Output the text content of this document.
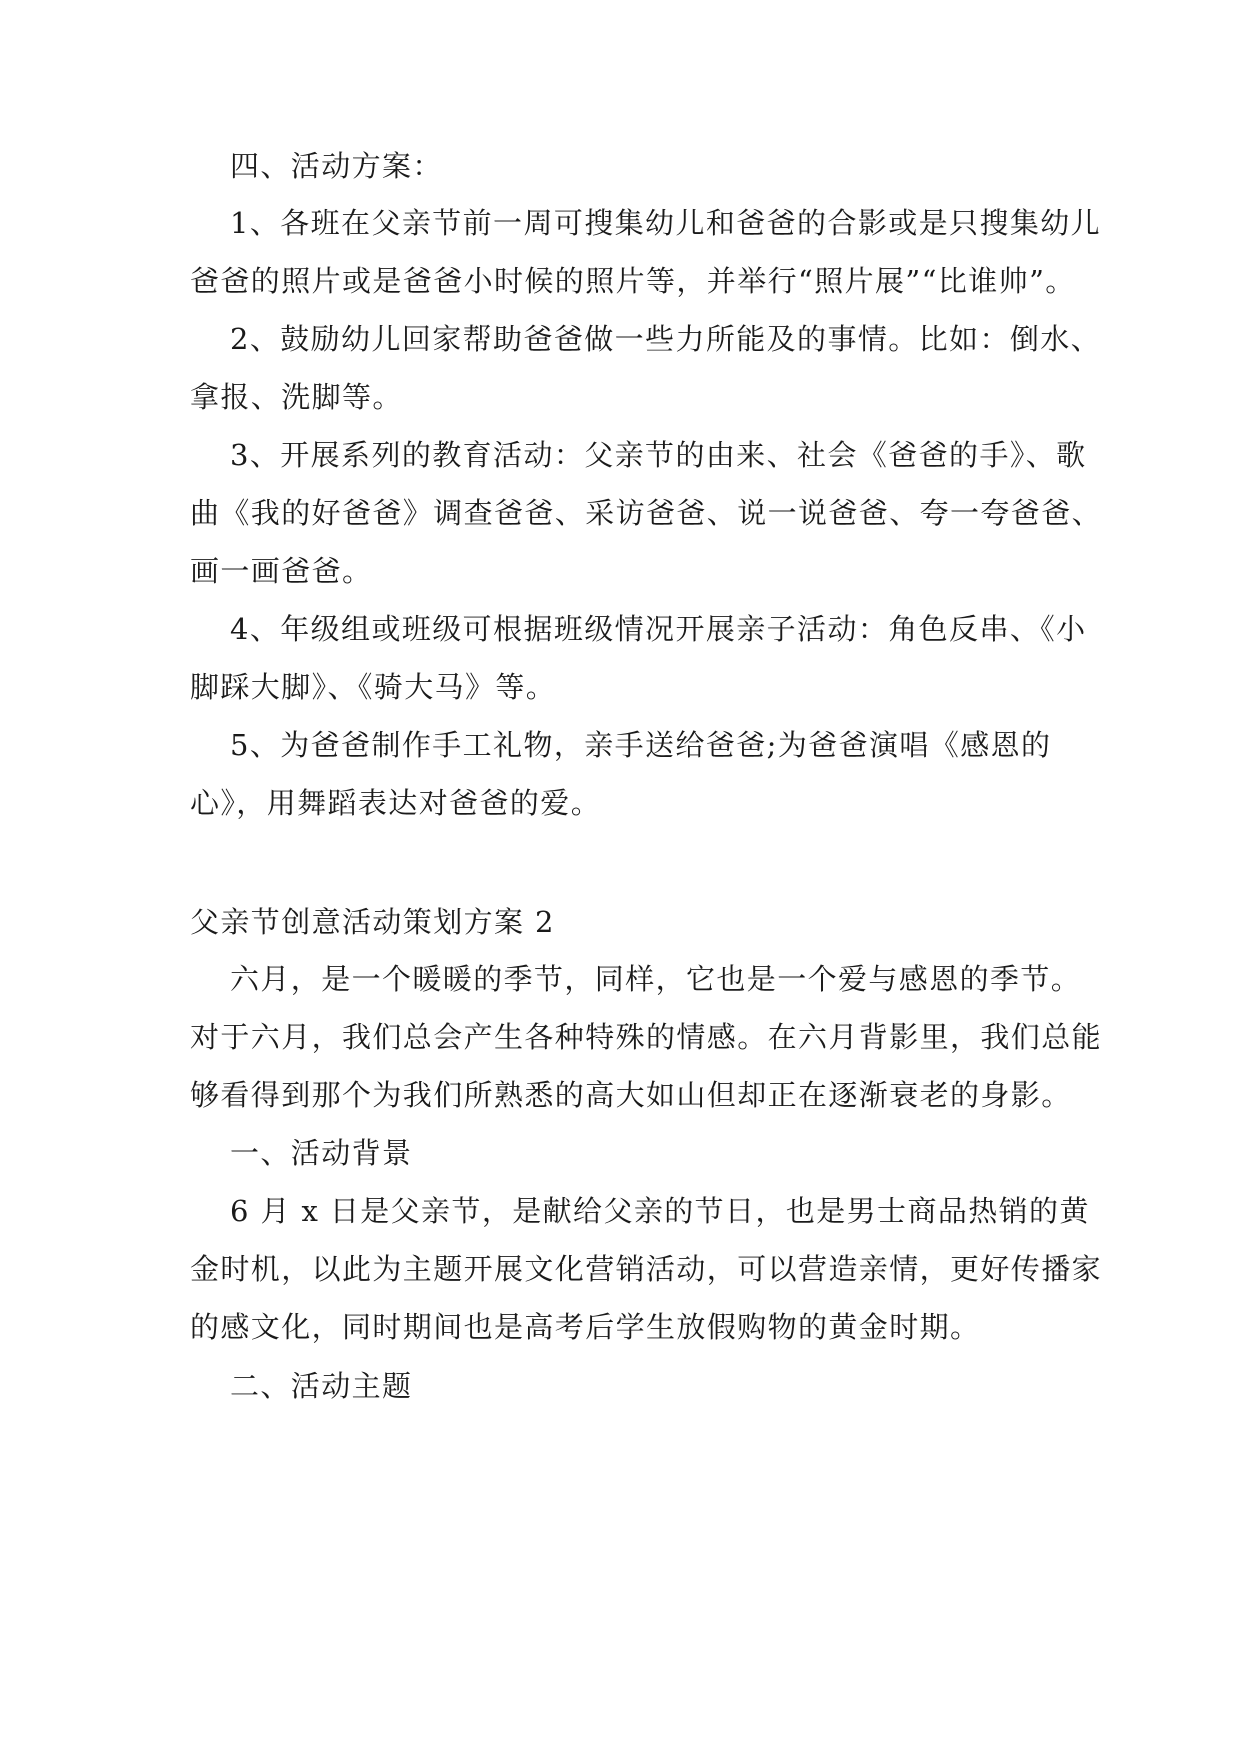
四、活动方案：
1、各班在父亲节前一周可搜集幼儿和爸爸的合影或是只搜集幼儿
爸爸的照片或是爸爸小时候的照片等，并举行“照片展”“比谁帅”。
2、鼓励幼儿回家帮助爸爸做一些力所能及的事情。比如：倒水、
拿报、洗脚等。
3、开展系列的教育活动：父亲节的由来、社会《爸爸的手》、歌
曲《我的好爸爸》调查爸爸、采访爸爸、说一说爸爸、夸一夸爸爸、
画一画爸爸。
4、年级组或班级可根据班级情况开展亲子活动：角色反串、《小
脚踩大脚》、《骑大马》等。
5、为爸爸制作手工礼物，亲手送给爸爸;为爸爸演唱《感恩的
心》，用舞蹈表达对爸爸的爱。
父亲节创意活动策划方案 2
六月，是一个暖暖的季节，同样，它也是一个爱与感恩的季节。
对于六月，我们总会产生各种特殊的情感。在六月背影里，我们总能
够看得到那个为我们所熟悉的高大如山但却正在逐渐衰老的身影。
一、活动背景
6 月 x 日是父亲节，是献给父亲的节日，也是男士商品热销的黄
金时机，以此为主题开展文化营销活动，可以营造亲情，更好传播家
的感文化，同时期间也是高考后学生放假购物的黄金时期。
二、活动主题
